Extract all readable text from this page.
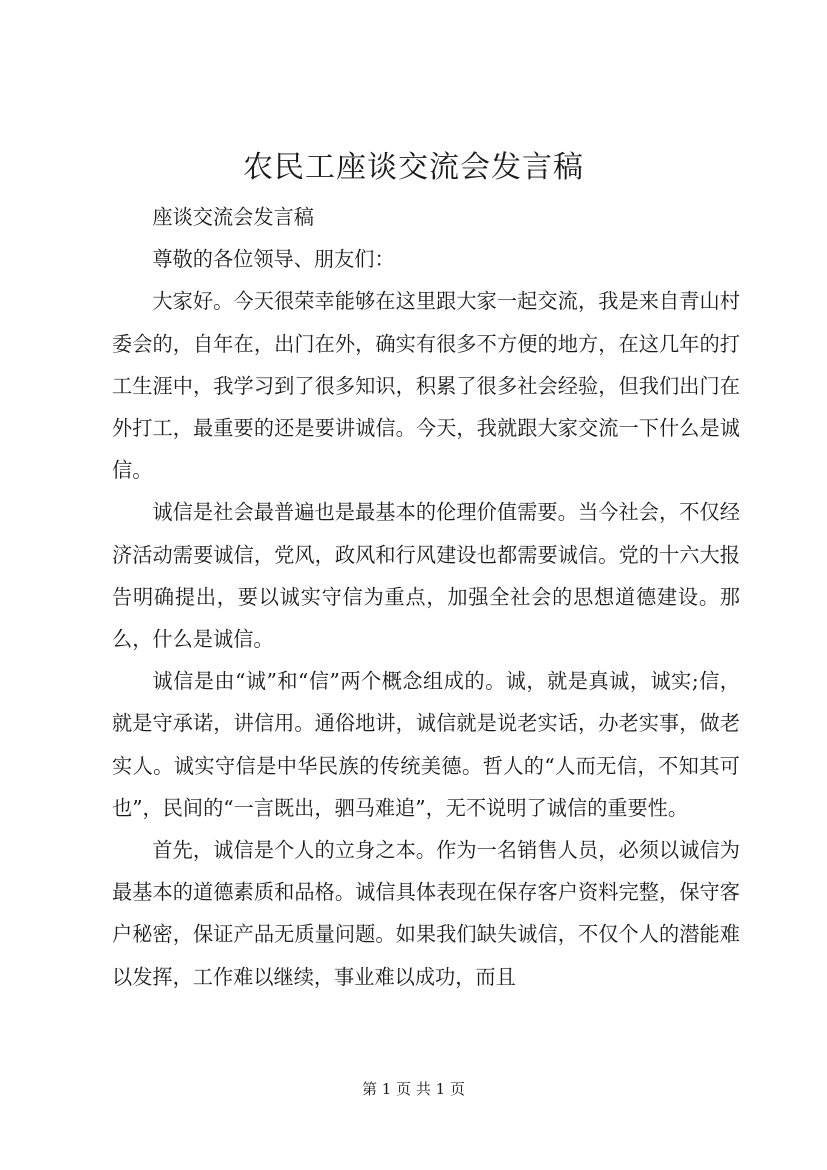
农民工座谈交流会发言稿

座谈交流会发言稿

尊敬的各位领导、朋友们：

大家好。今天很荣幸能够在这里跟大家一起交流，我是来自青山村委会的，自年在，出门在外，确实有很多不方便的地方，在这几年的打工生涯中，我学习到了很多知识，积累了很多社会经验，但我们出门在外打工，最重要的还是要讲诚信。今天，我就跟大家交流一下什么是诚信。

诚信是社会最普遍也是最基本的伦理价值需要。当今社会，不仅经济活动需要诚信，党风，政风和行风建设也都需要诚信。党的十六大报告明确提出，要以诚实守信为重点，加强全社会的思想道德建设。那么，什么是诚信。

诚信是由“诚”和“信”两个概念组成的。诚，就是真诚，诚实;信，就是守承诺，讲信用。通俗地讲，诚信就是说老实话，办老实事，做老实人。诚实守信是中华民族的传统美德。哲人的“人而无信，不知其可也”，民间的“一言既出，驷马难追”，无不说明了诚信的重要性。

首先，诚信是个人的立身之本。作为一名销售人员，必须以诚信为最基本的道德素质和品格。诚信具体表现在保存客户资料完整，保守客户秘密，保证产品无质量问题。如果我们缺失诚信，不仅个人的潜能难以发挥，工作难以继续，事业难以成功，而且

第 1 页 共 1 页
